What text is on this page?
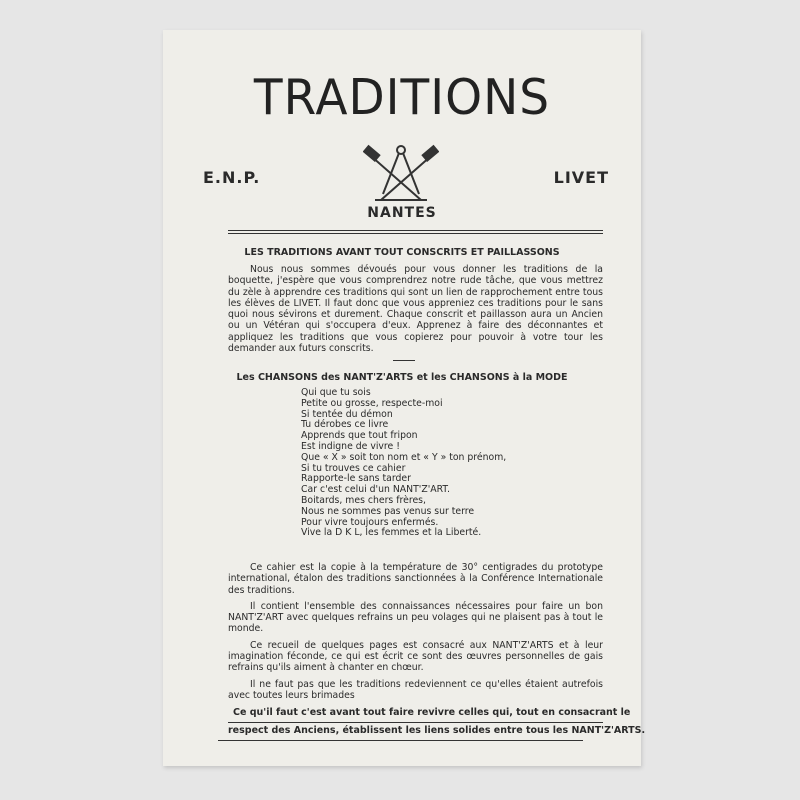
TRADITIONS
E.N.P.	LIVET
NANTES
LES TRADITIONS AVANT TOUT CONSCRITS ET PAILLASSONS
Nous nous sommes dévoués pour vous donner les traditions de la boquette, j'espère que vous comprendrez notre rude tâche, que vous mettrez du zèle à apprendre ces traditions qui sont un lien de rapprochement entre tous les élèves de LIVET. Il faut donc que vous appreniez ces traditions pour le sans quoi nous sévirons et durement. Chaque conscrit et paillasson aura un Ancien ou un Vétéran qui s'occupera d'eux. Apprenez à faire des déconnantes et appliquez les traditions que vous copierez pour pouvoir à votre tour les demander aux futurs conscrits.
Les CHANSONS des NANT'Z'ARTS et les CHANSONS à la MODE
Qui que tu sois
Petite ou grosse, respecte-moi
Si tentée du démon
Tu dérobes ce livre
Apprends que tout fripon
Est indigne de vivre !
Que « X » soit ton nom et « Y » ton prénom,
Si tu trouves ce cahier
Rapporte-le sans tarder
Car c'est celui d'un NANT'Z'ART.
Boitards, mes chers frères,
Nous ne sommes pas venus sur terre
Pour vivre toujours enfermés.
Vive la D K L, les femmes et la Liberté.
Ce cahier est la copie à la température de 30° centigrades du prototype international, étalon des traditions sanctionnées à la Conférence Internationale des traditions.
Il contient l'ensemble des connaissances nécessaires pour faire un bon NANT'Z'ART avec quelques refrains un peu volages qui ne plaisent pas à tout le monde.
Ce recueil de quelques pages est consacré aux NANT'Z'ARTS et à leur imagination féconde, ce qui est écrit ce sont des œuvres personnelles de gais refrains qu'ils aiment à chanter en chœur.
Il ne faut pas que les traditions redeviennent ce qu'elles étaient autrefois avec toutes leurs brimades
Ce qu'il faut c'est avant tout faire revivre celles qui, tout en consacrant le
respect des Anciens, établissent les liens solides entre tous les NANT'Z'ARTS.
